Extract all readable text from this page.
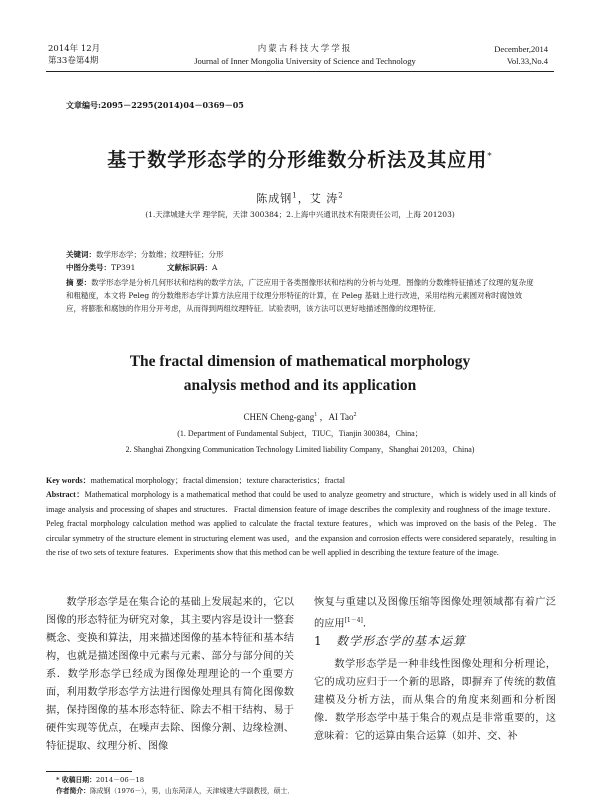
2014年 12月
第33卷第4期
内蒙古科技大学学报
Journal of Inner Mongolia University of Science and Technology
December,2014
Vol.33,No.4
文章编号:2095－2295(2014)04－0369－05
基于数学形态学的分形维数分析法及其应用*
陈成钢$^1$，艾 涛$^2$
(1.天津城建大学 理学院，天津 300384；2.上海中兴通讯技术有限责任公司，上海 201203)
关键词：数学形态学；分数维；纹理特征；分形
中图分类号：TP391	文献标识码：A
摘 要：数学形态学是分析几何形状和结构的数学方法，广泛应用于各类图像形状和结构的分析与处理．图像的分数维特征描述了纹理的复杂度和粗糙度，本文将 Peleg 的分数维形态学计算方法应用于纹理分形特征的计算，在 Peleg 基础上进行改进，采用结构元素圆对称时腐蚀效应，将膨胀和腐蚀的作用分开考虑，从而得到两组纹理特征．试验表明，该方法可以更好地描述图像的纹理特征．
The fractal dimension of mathematical morphology
analysis method and its application
CHEN Cheng-gang$^1$ ，AI Tao$^2$
(1. Department of Fundamental Subject，TIUC，Tianjin 300384，China；
2. Shanghai Zhongxing Communication Technology Limited liability Company，Shanghai 201203，China)
Key words：mathematical morphology；fractal dimension；texture characteristics；fractal
Abstract：Mathematical morphology is a mathematical method that could be used to analyze geometry and structure，which is widely used in all kinds of image analysis and processing of shapes and structures．Fractal dimension feature of image describes the complexity and roughness of the image texture．Peleg fractal morphology calculation method was applied to calculate the fractal texture features，which was improved on the basis of the Peleg．The circular symmetry of the structure element in structuring element was used，and the expansion and corrosion effects were considered separately，resulting in the rise of two sets of texture features．Experiments show that this method can be well applied in describing the texture feature of the image.
数学形态学是在集合论的基础上发展起来的，它以图像的形态特征为研究对象，其主要内容是设计一整套概念、变换和算法，用来描述图像的基本特征和基本结构，也就是描述图像中元素与元素、部分与部分间的关系．数学形态学已经成为图像处理理论的一个重要方面，利用数学形态学方法进行图像处理具有简化图像数据，保持图像的基本形态特征、除去不相干结构、易于硬件实现等优点，在噪声去除、图像分割、边缘检测、特征提取、纹理分析、图像
恢复与重建以及图像压缩等图像处理领域都有着广泛的应用[1－4]．
1 数学形态学的基本运算
数学形态学是一种非线性图像处理和分析理论，它的成功应归于一个新的思路，即摒弃了传统的数值建模及分析方法，而从集合的角度来刻画和分析图像．数学形态学中基于集合的观点是非常重要的，这意味着：它的运算由集合运算（如并、交、补
* 收稿日期：2014－06－18
作者简介：陈成钢（1976－），男，山东菏泽人，天津城建大学副教授，硕士．
